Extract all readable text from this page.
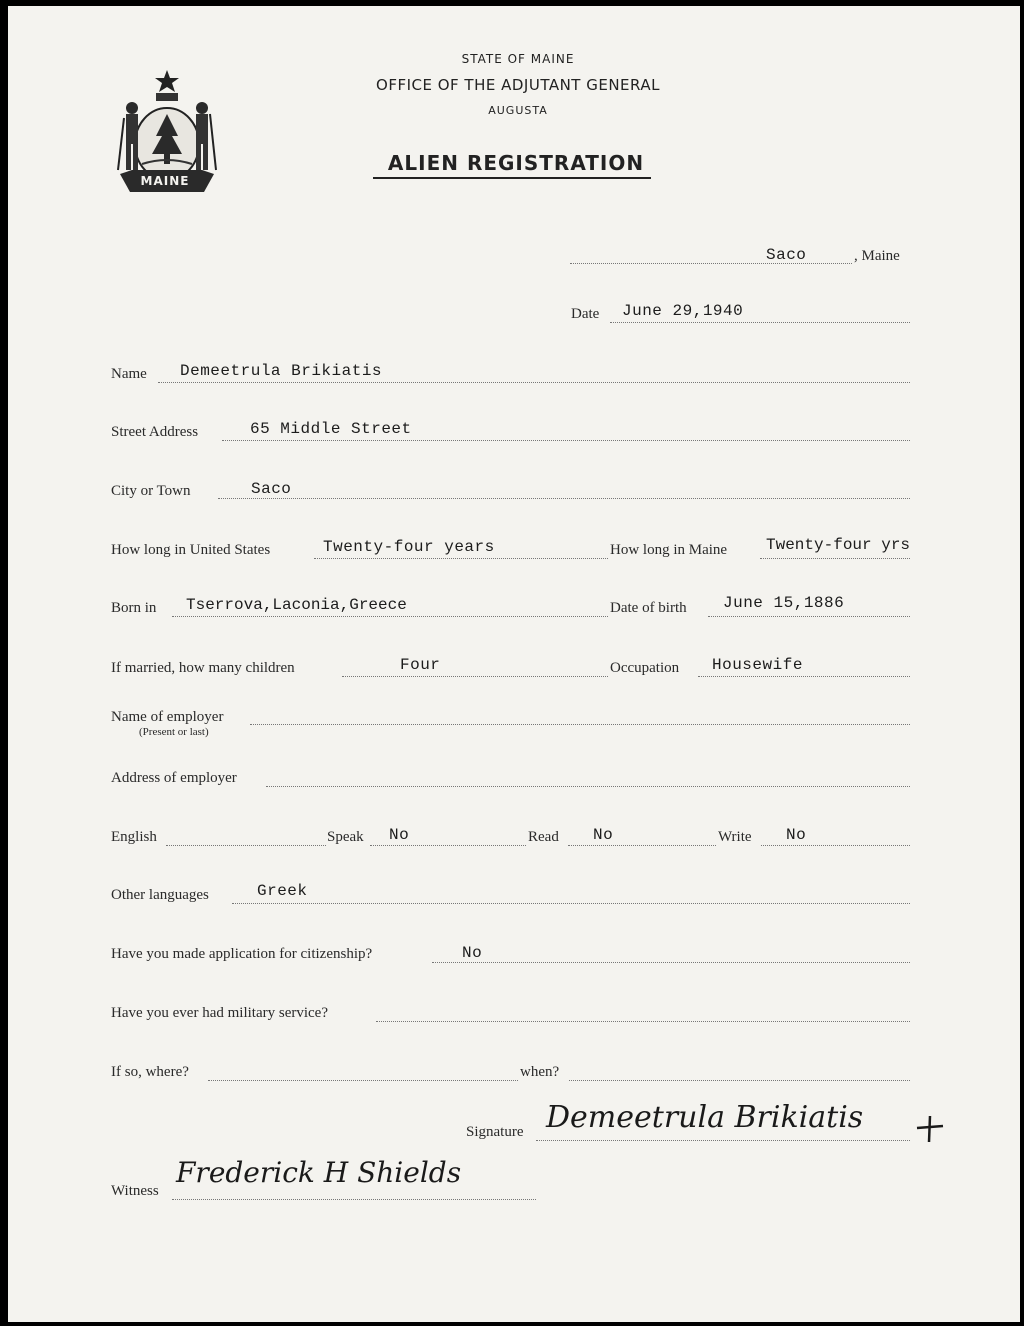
MAINE
STATE OF MAINE
OFFICE OF THE ADJUTANT GENERAL
AUGUSTA
ALIEN REGISTRATION
Saco	, Maine
Date June 29,1940
Name Demeetrula Brikiatis
Street Address	65 Middle Street
City or Town	Saco
How long in United States	Twenty-four years	How long in Maine Twenty-four yrs
Born in Tserrova,Laconia,Greece	Date of birth June 15,1886
If married, how many children	Four	Occupation Housewife
Name of employer
(Present or last)
Address of employer
English	Speak No	Read No	Write No
Other languages	Greek
Have you made application for citizenship?	No
Have you ever had military service?
If so, where?	when?
Signature Demeetrula Brikiatis
Witness
Frederick H Shields
